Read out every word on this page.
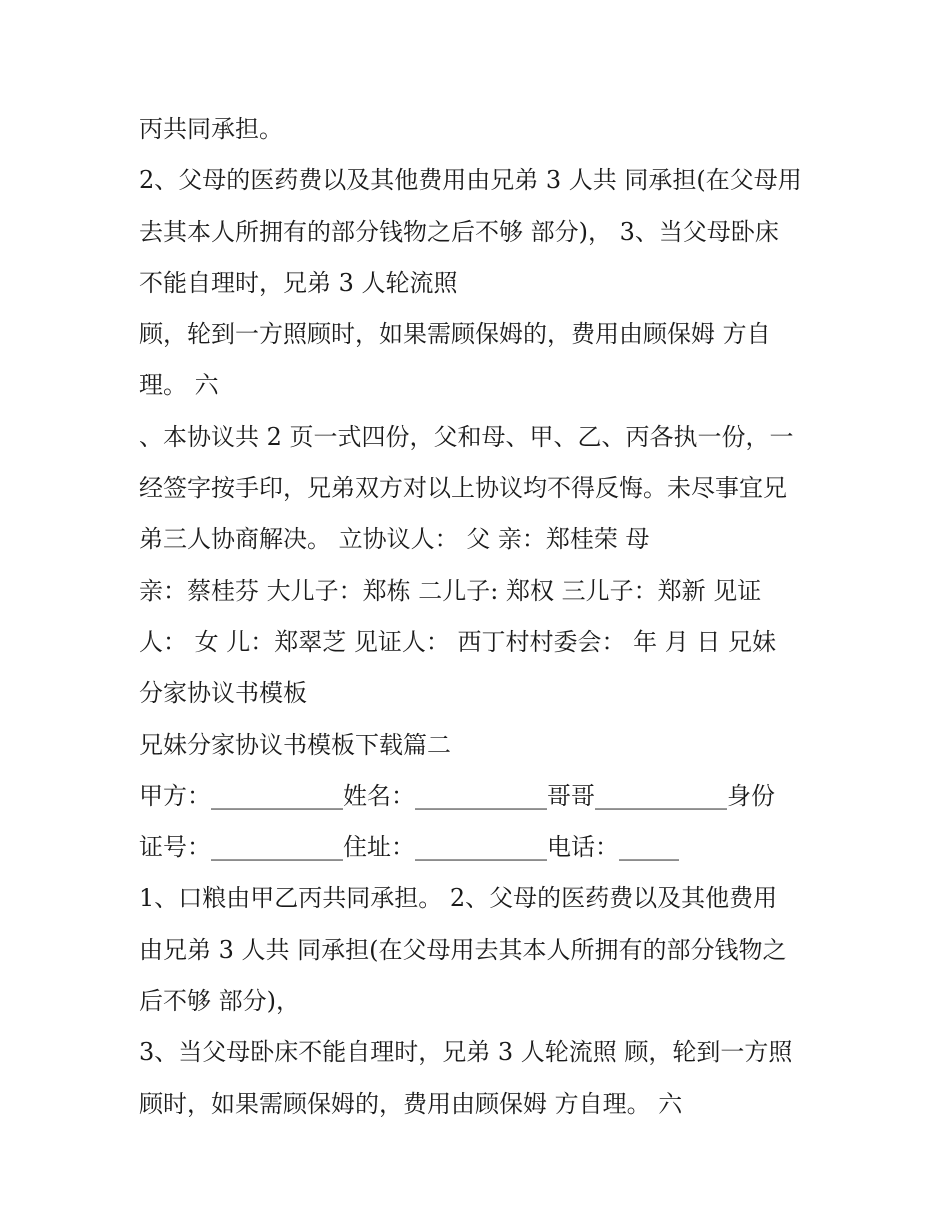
丙共同承担。
2、父母的医药费以及其他费用由兄弟 3 人共 同承担(在父母用
去其本人所拥有的部分钱物之后不够 部分)， 3、当父母卧床
不能自理时，兄弟 3 人轮流照
顾，轮到一方照顾时，如果需顾保姆的，费用由顾保姆 方自
理。 六
、本协议共 2 页一式四份，父和母、甲、乙、丙各执一份，一
经签字按手印，兄弟双方对以上协议均不得反悔。未尽事宜兄
弟三人协商解决。 立协议人： 父 亲：郑桂荣 母
亲：蔡桂芬 大儿子：郑栋 二儿子: 郑权 三儿子：郑新 见证
人： 女 儿：郑翠芝 见证人： 西丁村村委会： 年 月 日 兄妹
分家协议书模板
兄妹分家协议书模板下载篇二
甲方：___________姓名：___________哥哥___________身份
证号：___________住址：___________电话：_____
1、口粮由甲乙丙共同承担。 2、父母的医药费以及其他费用
由兄弟 3 人共 同承担(在父母用去其本人所拥有的部分钱物之
后不够 部分)，
3、当父母卧床不能自理时，兄弟 3 人轮流照 顾，轮到一方照
顾时，如果需顾保姆的，费用由顾保姆 方自理。 六
